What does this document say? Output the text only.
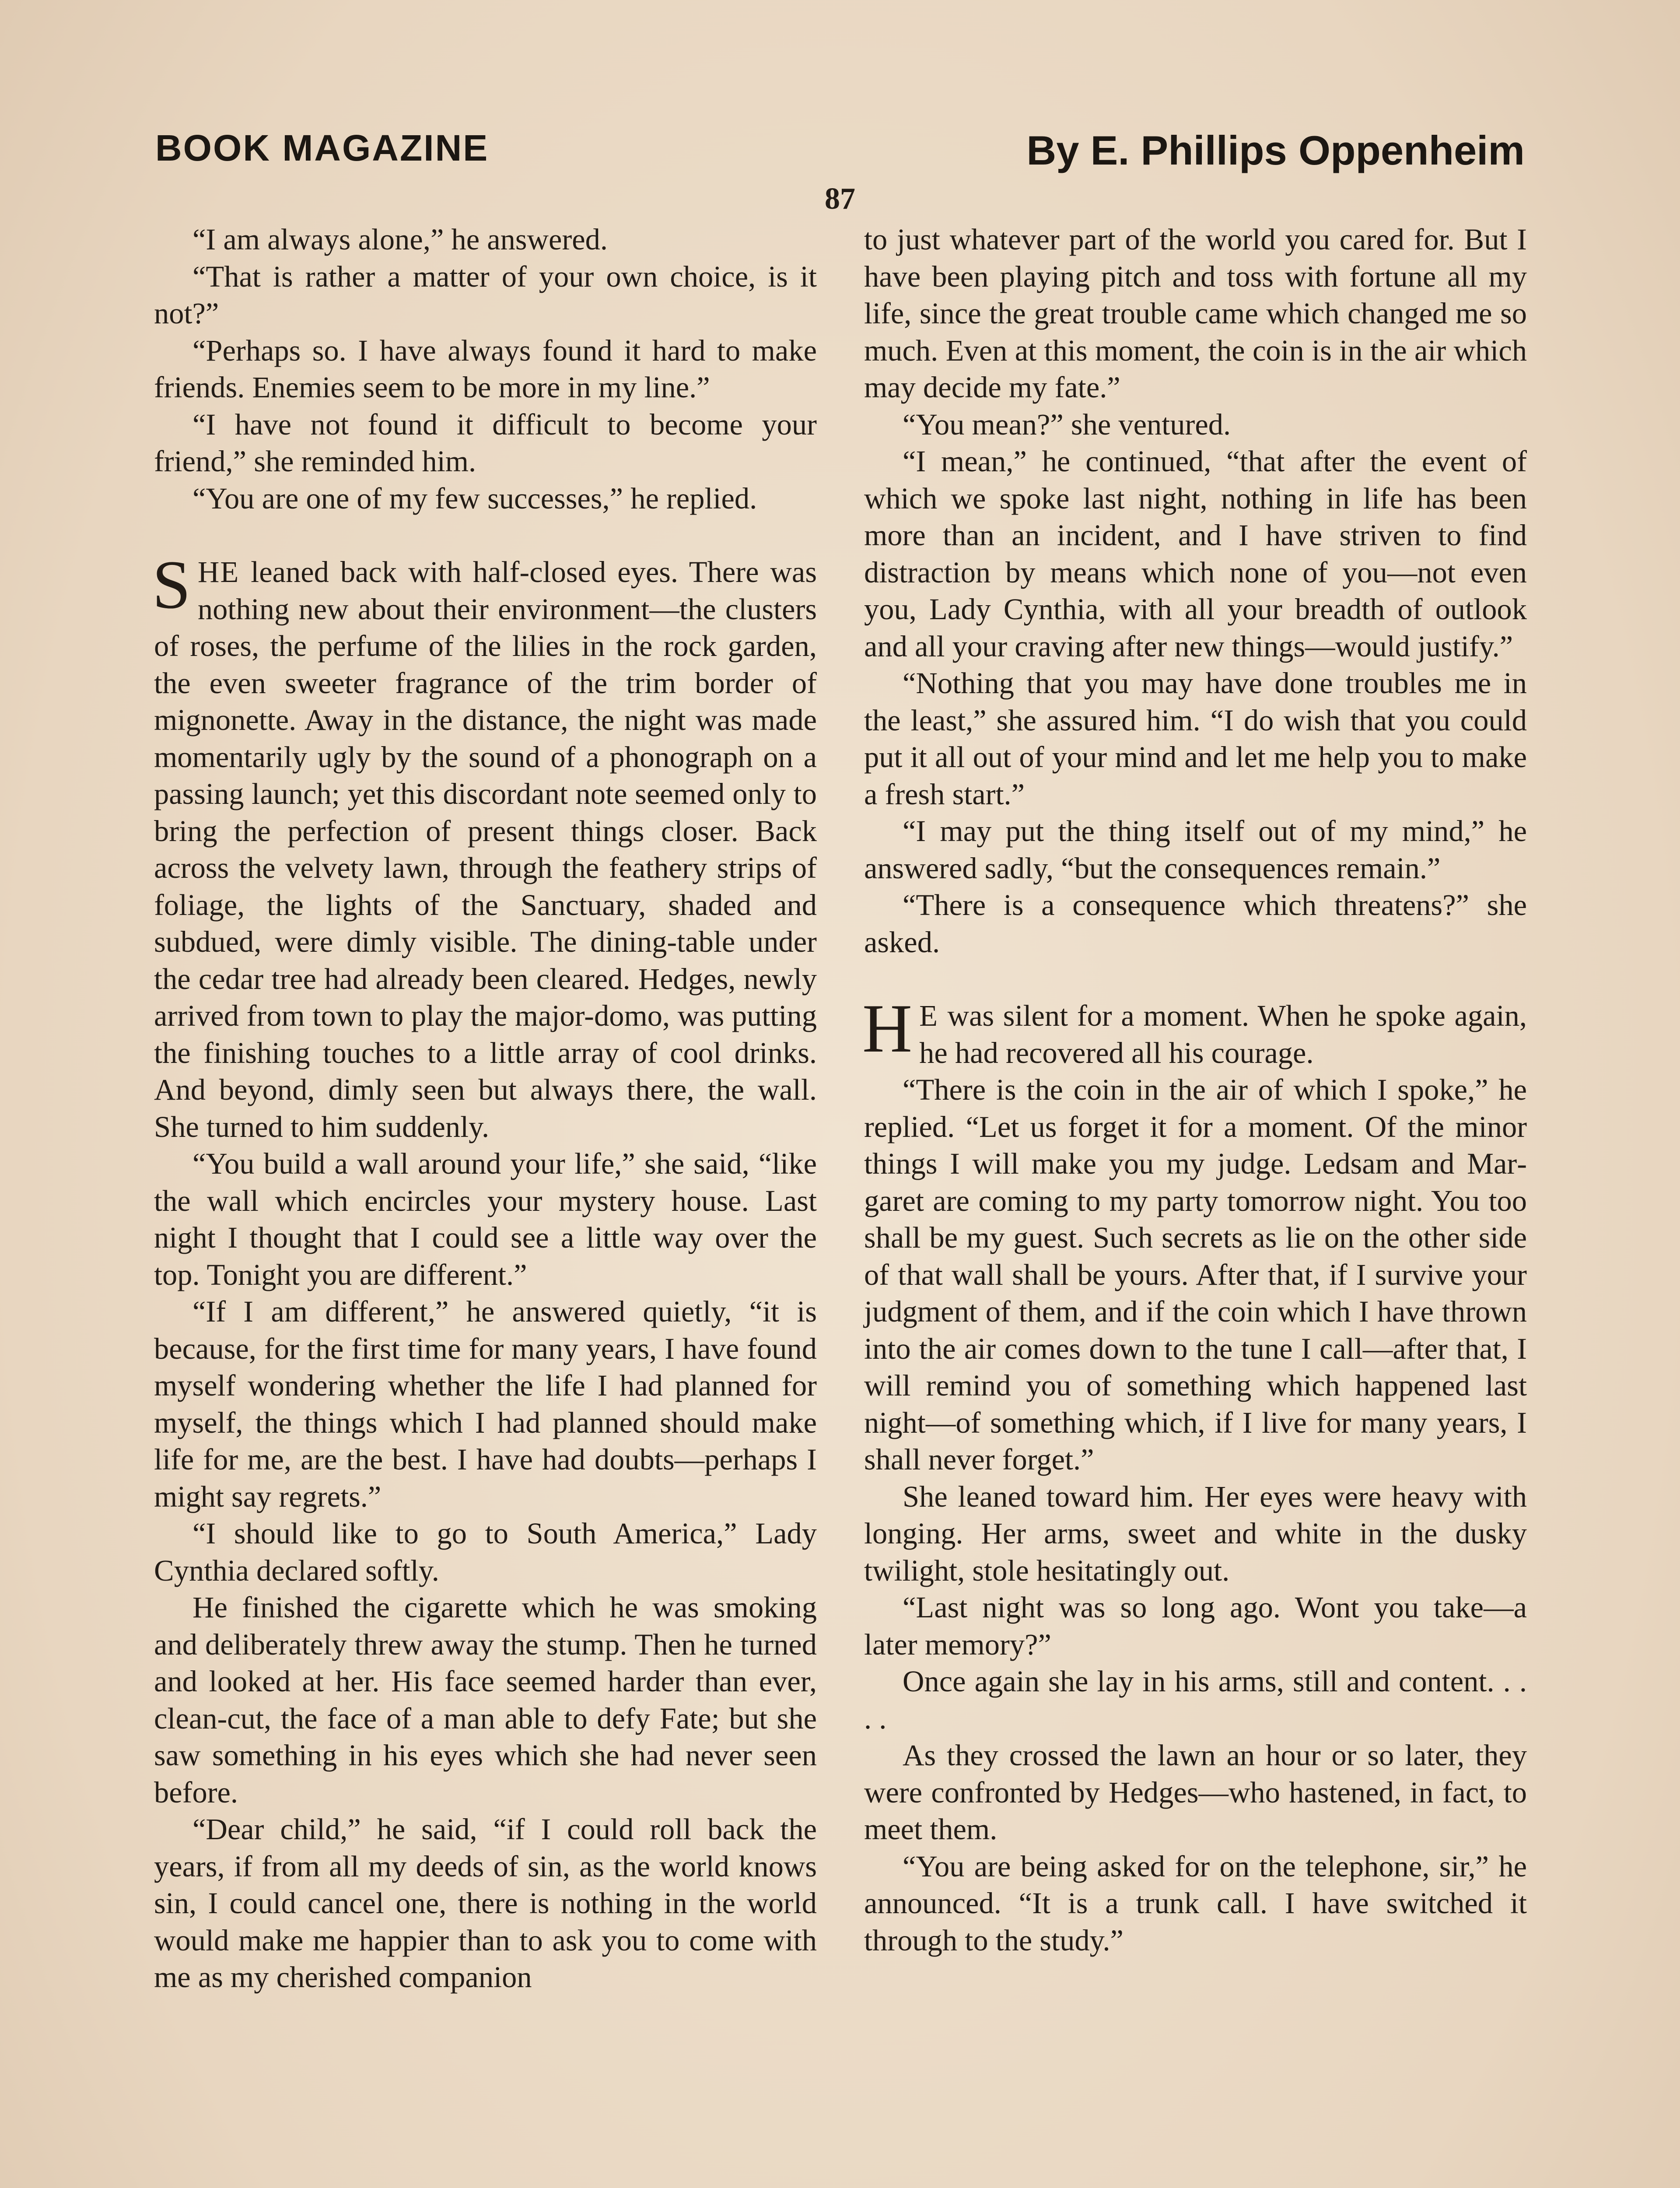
BOOK MAGAZINE	By E. Phillips Oppenheim
87

“I am always alone,” he answered.

“That is rather a matter of your own choice, is it not?”

“Perhaps so. I have always found it hard to make friends. Enemies seem to be more in my line.”

“I have not found it difficult to become your friend,” she reminded him.

“You are one of my few successes,” he replied.

SHE leaned back with half-closed eyes. There was nothing new about their environment—the clusters of roses, the perfume of the lilies in the rock garden, the even sweeter fragrance of the trim border of mignonette. Away in the distance, the night was made momentarily ugly by the sound of a phonograph on a passing launch; yet this discordant note seemed only to bring the perfection of present things closer. Back across the velvety lawn, through the feathery strips of foliage, the lights of the Sanctuary, shaded and subdued, were dimly visible. The dining-table under the cedar tree had already been cleared. Hedges, newly arrived from town to play the major-domo, was putting the finishing touches to a little array of cool drinks. And beyond, dimly seen but always there, the wall. She turned to him suddenly.

“You build a wall around your life,” she said, “like the wall which encircles your mystery house. Last night I thought that I could see a little way over the top. Tonight you are different.”

“If I am different,” he answered quietly, “it is because, for the first time for many years, I have found myself wondering whether the life I had planned for myself, the things which I had planned should make life for me, are the best. I have had doubts—perhaps I might say regrets.”

“I should like to go to South America,” Lady Cynthia declared softly.

He finished the cigarette which he was smoking and deliberately threw away the stump. Then he turned and looked at her. His face seemed harder than ever, clean-cut, the face of a man able to defy Fate; but she saw something in his eyes which she had never seen before.

“Dear child,” he said, “if I could roll back the years, if from all my deeds of sin, as the world knows sin, I could cancel one, there is nothing in the world would make me happier than to ask you to come with me as my cherished companion

to just whatever part of the world you cared for. But I have been playing pitch and toss with fortune all my life, since the great trouble came which changed me so much. Even at this moment, the coin is in the air which may decide my fate.”

“You mean?” she ventured.

“I mean,” he continued, “that after the event of which we spoke last night, nothing in life has been more than an incident, and I have striven to find distraction by means which none of you—not even you, Lady Cynthia, with all your breadth of outlook and all your craving after new things—would justify.”

“Nothing that you may have done troubles me in the least,” she assured him. “I do wish that you could put it all out of your mind and let me help you to make a fresh start.”

“I may put the thing itself out of my mind,” he answered sadly, “but the consequences remain.”

“There is a consequence which threatens?” she asked.

H E was silent for a moment. When he spoke again, he had recovered all his courage.

“There is the coin in the air of which I spoke,” he replied. “Let us forget it for a moment. Of the minor things I will make you my judge. Ledsam and Margaret are coming to my party tomorrow night. You too shall be my guest. Such secrets as lie on the other side of that wall shall be yours. After that, if I survive your judgment of them, and if the coin which I have thrown into the air comes down to the tune I call—after that, I will remind you of something which happened last night—of something which, if I live for many years, I shall never forget.”

She leaned toward him. Her eyes were heavy with longing. Her arms, sweet and white in the dusky twilight, stole hesitatingly out.

“Last night was so long ago. Wont you take—a later memory?”

Once again she lay in his arms, still and content. . . . .

As they crossed the lawn an hour or so later, they were confronted by Hedges—who hastened, in fact, to meet them.

“You are being asked for on the telephone, sir,” he announced. “It is a trunk call. I have switched it through to the study.”
